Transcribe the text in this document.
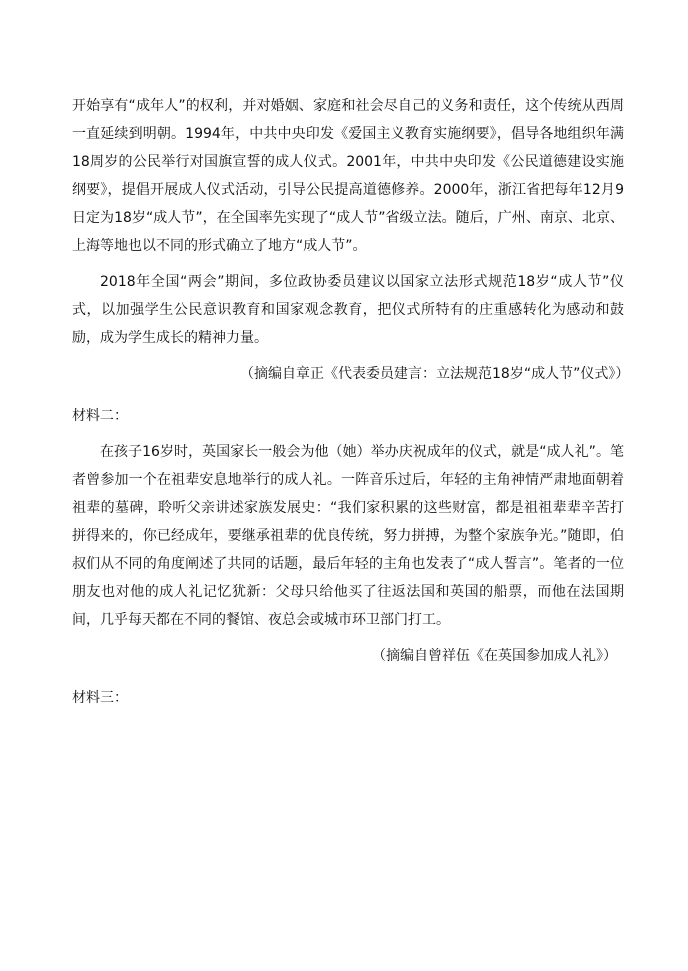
开始享有“成年人”的权利，并对婚姻、家庭和社会尽自己的义务和责任，这个传统从西周一直延续到明朝。1994年，中共中央印发《爱国主义教育实施纲要》，倡导各地组织年满18周岁的公民举行对国旗宣誓的成人仪式。2001年，中共中央印发《公民道德建设实施纲要》，提倡开展成人仪式活动，引导公民提高道德修养。2000年，浙江省把每年12月9日定为18岁“成人节”，在全国率先实现了“成人节”省级立法。随后，广州、南京、北京、上海等地也以不同的形式确立了地方“成人节”。

2018年全国“两会”期间，多位政协委员建议以国家立法形式规范18岁“成人节”仪式，以加强学生公民意识教育和国家观念教育，把仪式所特有的庄重感转化为感动和鼓励，成为学生成长的精神力量。

（摘编自章正《代表委员建言：立法规范18岁“成人节”仪式》）

材料二：

在孩子16岁时，英国家长一般会为他（她）举办庆祝成年的仪式，就是“成人礼”。笔者曾参加一个在祖辈安息地举行的成人礼。一阵音乐过后，年轻的主角神情严肃地面朝着祖辈的墓碑，聆听父亲讲述家族发展史：“我们家积累的这些财富，都是祖祖辈辈辛苦打拼得来的，你已经成年，要继承祖辈的优良传统，努力拼搏，为整个家族争光。”随即，伯叔们从不同的角度阐述了共同的话题，最后年轻的主角也发表了“成人誓言”。笔者的一位朋友也对他的成人礼记忆犹新：父母只给他买了往返法国和英国的船票，而他在法国期间，几乎每天都在不同的餐馆、夜总会或城市环卫部门打工。

（摘编自曾祥伍《在英国参加成人礼》）

材料三：
